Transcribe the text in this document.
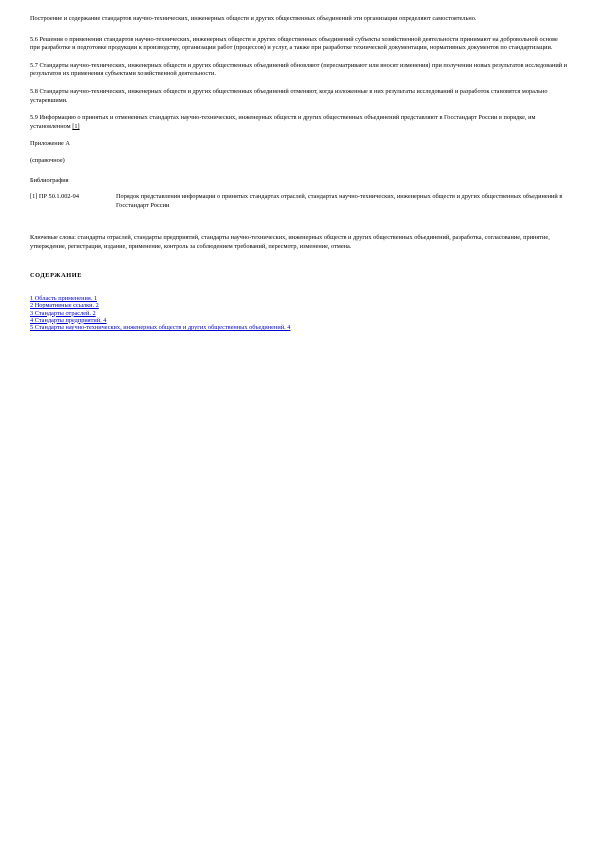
Построение и содержание стандартов научно-технических, инженерных обществ и других общественных объединений эти организации определяют самостоятельно.

5.6 Решения о применении стандартов научно-технических, инженерных обществ и других общественных объединений субъекты хозяйственной деятельности принимают на добровольной основе при разработке и подготовке продукции к производству, организации работ (процессов) и услуг, а также при разработке технической документации, нормативных документов по стандартизации.

5.7 Стандарты научно-технических, инженерных обществ и других общественных объединений обновляют (пересматривают или вносят изменения) при получении новых результатов исследований и результатов их применения субъектами хозяйственной деятельности.

5.8 Стандарты научно-технических, инженерных обществ и других общественных объединений отменяют, когда изложенные в них результаты исследований и разработок становятся морально устаревшими.

5.9 Информацию о принятых и отмененных стандартах научно-технических, инженерных обществ и других общественных объединений представляют в Госстандарт России в порядке, им установленном [1]

Приложение А

(справочное)

Библиография

[1] ПР 50.1.002-94	Порядок представления информации о принятых стандартах отраслей, стандартах научно-технических, инженерных обществ и других общественных объединений в Госстандарт России

Ключевые слова: стандарты отраслей, стандарты предприятий, стандарты научно-технических, инженерных обществ и других общественных объединений, разработка, согласование, принятие, утверждение, регистрация, издание, применение, контроль за соблюдением требований, пересмотр, изменение, отмена.

СОДЕРЖАНИЕ

1 Область применения. 1
2 Нормативные ссылки. 2
3 Стандарты отраслей. 2
4 Стандарты предприятий. 4
5 Стандарты научно-технических, инженерных обществ и других общественных объединений. 4
